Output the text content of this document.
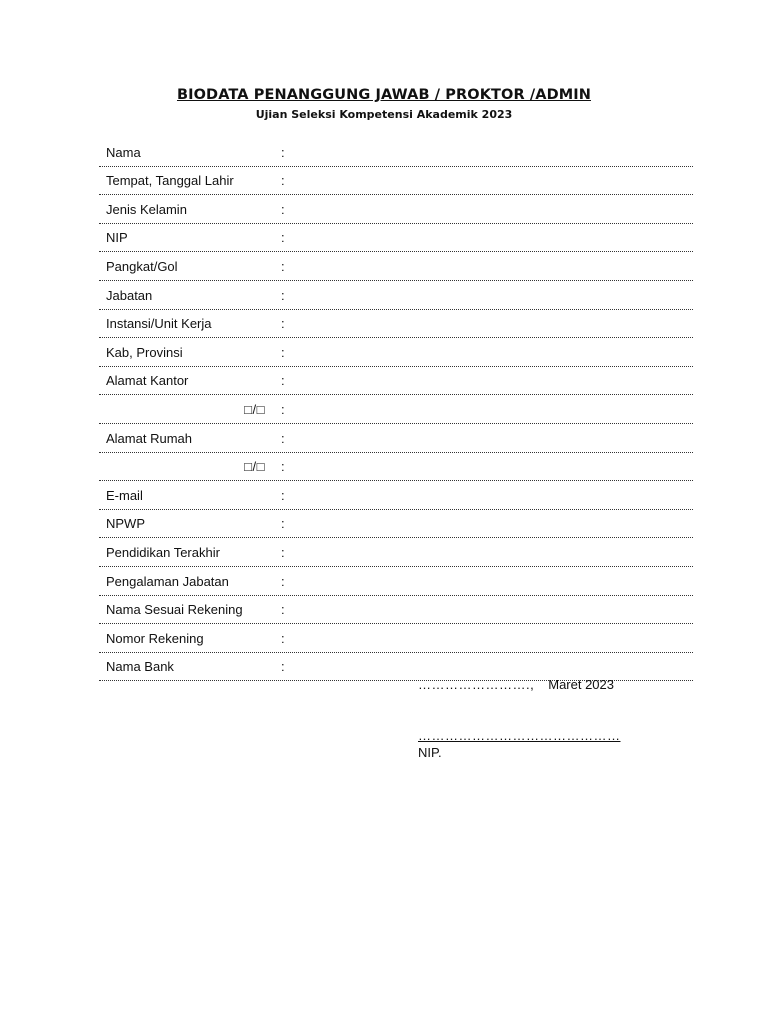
BIODATA PENANGGUNG JAWAB / PROKTOR /ADMIN
Ujian Seleksi Kompetensi Akademik 2023
Nama	:
Tempat, Tanggal Lahir	:
Jenis Kelamin	:
NIP	:
Pangkat/Gol	:
Jabatan	:
Instansi/Unit Kerja	:
Kab, Provinsi	:
Alamat Kantor	:
□/□ :
Alamat Rumah	:
□/□ :
E-mail	:
NPWP	:
Pendidikan Terakhir	:
Pengalaman Jabatan	:
Nama Sesuai Rekening	:
Nomor Rekening	:
Nama Bank	:
……………………., Maret 2023
………………………………………
NIP.
